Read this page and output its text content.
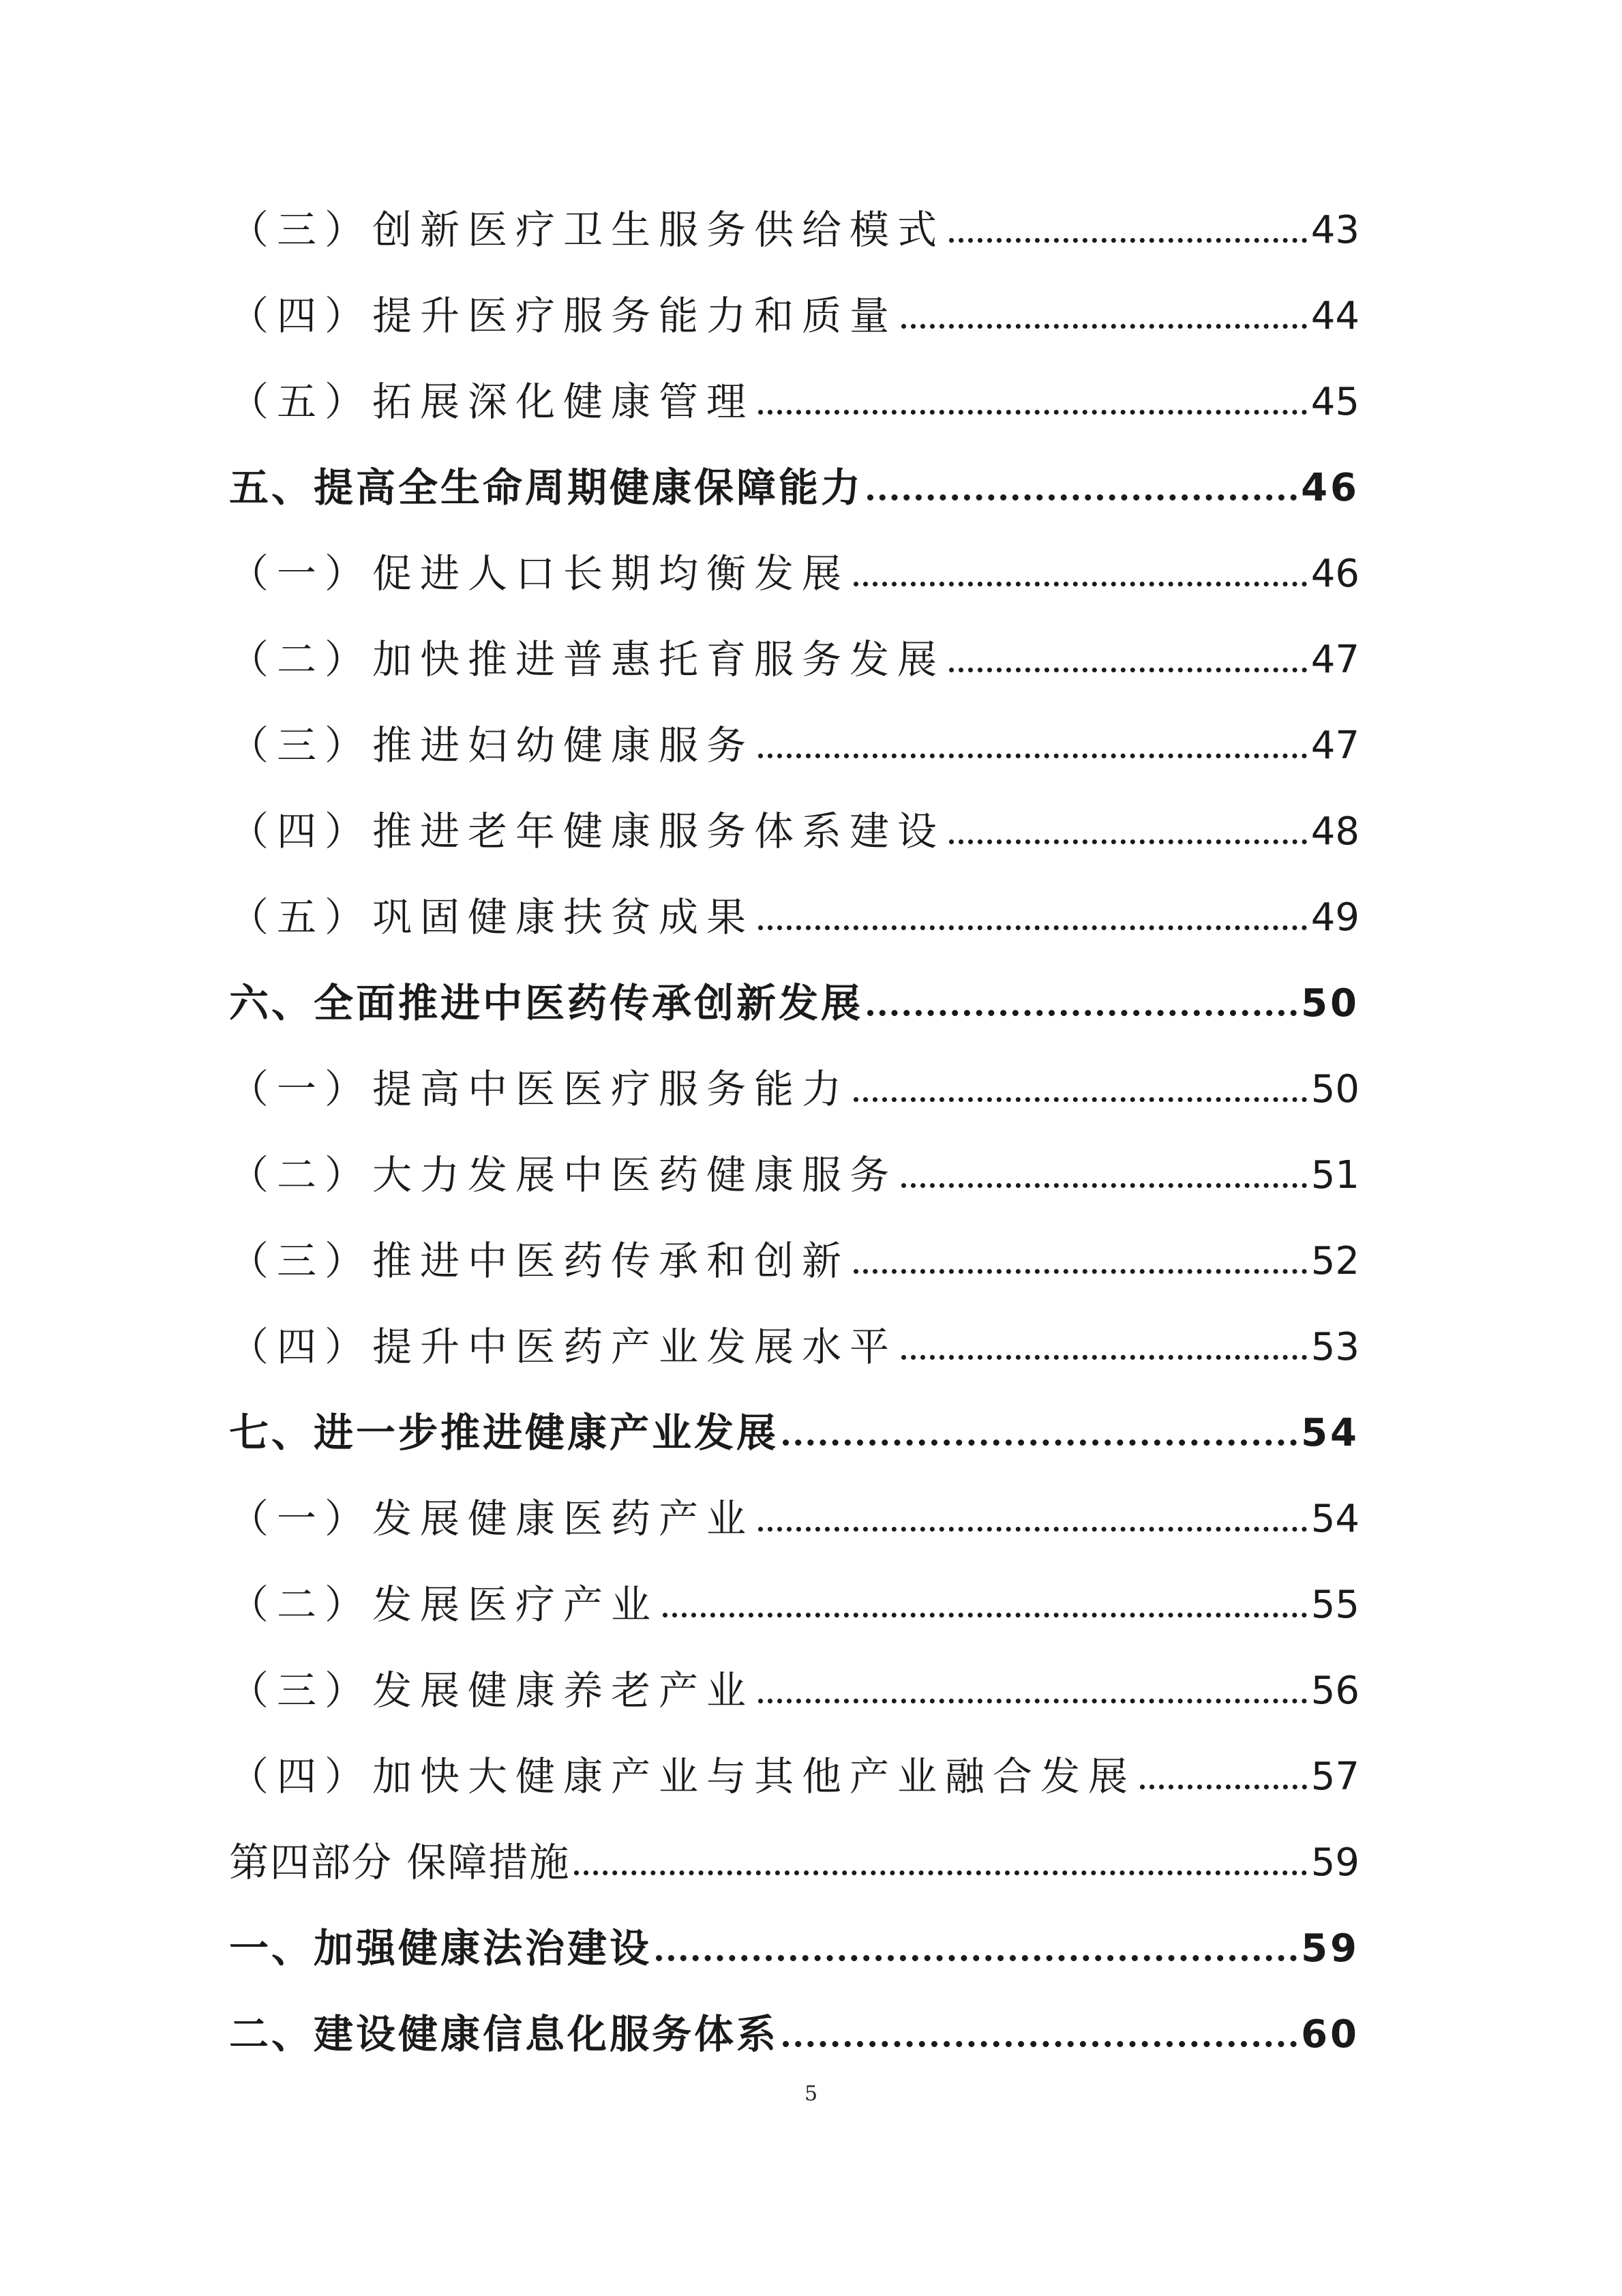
（三）创新医疗卫生服务供给模式	43
（四）提升医疗服务能力和质量	44
（五）拓展深化健康管理	45
五、提高全生命周期健康保障能力	46
（一）促进人口长期均衡发展	46
（二）加快推进普惠托育服务发展	47
（三）推进妇幼健康服务	47
（四）推进老年健康服务体系建设	48
（五）巩固健康扶贫成果	49
六、全面推进中医药传承创新发展	50
（一）提高中医医疗服务能力	50
（二）大力发展中医药健康服务	51
（三）推进中医药传承和创新	52
（四）提升中医药产业发展水平	53
七、进一步推进健康产业发展	54
（一）发展健康医药产业	54
（二）发展医疗产业	55
（三）发展健康养老产业	56
（四）加快大健康产业与其他产业融合发展	57
第四部分 保障措施	59
一、加强健康法治建设	59
二、建设健康信息化服务体系	60
5
